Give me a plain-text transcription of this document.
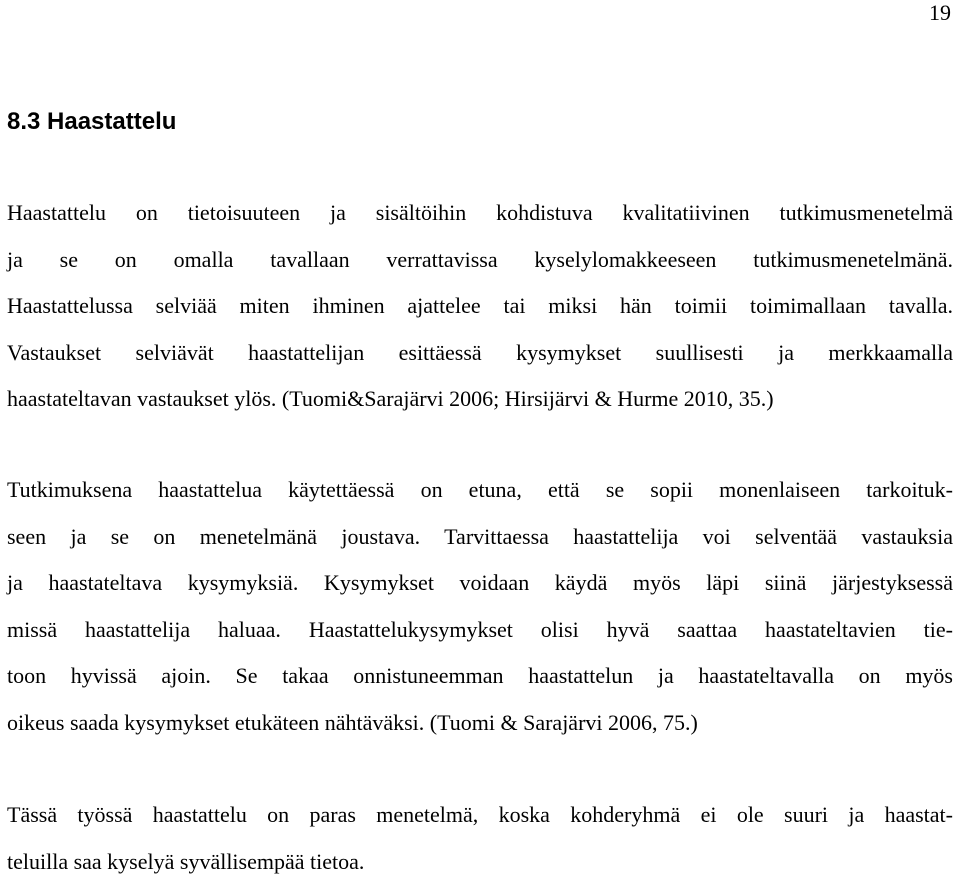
19
8.3 Haastattelu
Haastattelu on tietoisuuteen ja sisältöihin kohdistuva kvalitatiivinen tutkimusmenetelmä
ja se on omalla tavallaan verrattavissa kyselylomakkeeseen tutkimusmenetelmänä.
Haastattelussa selviää miten ihminen ajattelee tai miksi hän toimii toimimallaan tavalla.
Vastaukset selviävät haastattelijan esittäessä kysymykset suullisesti ja merkkaamalla
haastateltavan vastaukset ylös. (Tuomi&Sarajärvi 2006; Hirsijärvi & Hurme 2010, 35.)
Tutkimuksena haastattelua käytettäessä on etuna, että se sopii monenlaiseen tarkoituk-
seen ja se on menetelmänä joustava. Tarvittaessa haastattelija voi selventää vastauksia
ja haastateltava kysymyksiä. Kysymykset voidaan käydä myös läpi siinä järjestyksessä
missä haastattelija haluaa. Haastattelukysymykset olisi hyvä saattaa haastateltavien tie-
toon hyvissä ajoin. Se takaa onnistuneemman haastattelun ja haastateltavalla on myös
oikeus saada kysymykset etukäteen nähtäväksi. (Tuomi & Sarajärvi 2006, 75.)
Tässä työssä haastattelu on paras menetelmä, koska kohderyhmä ei ole suuri ja haastat-
teluilla saa kyselyä syvällisempää tietoa.
